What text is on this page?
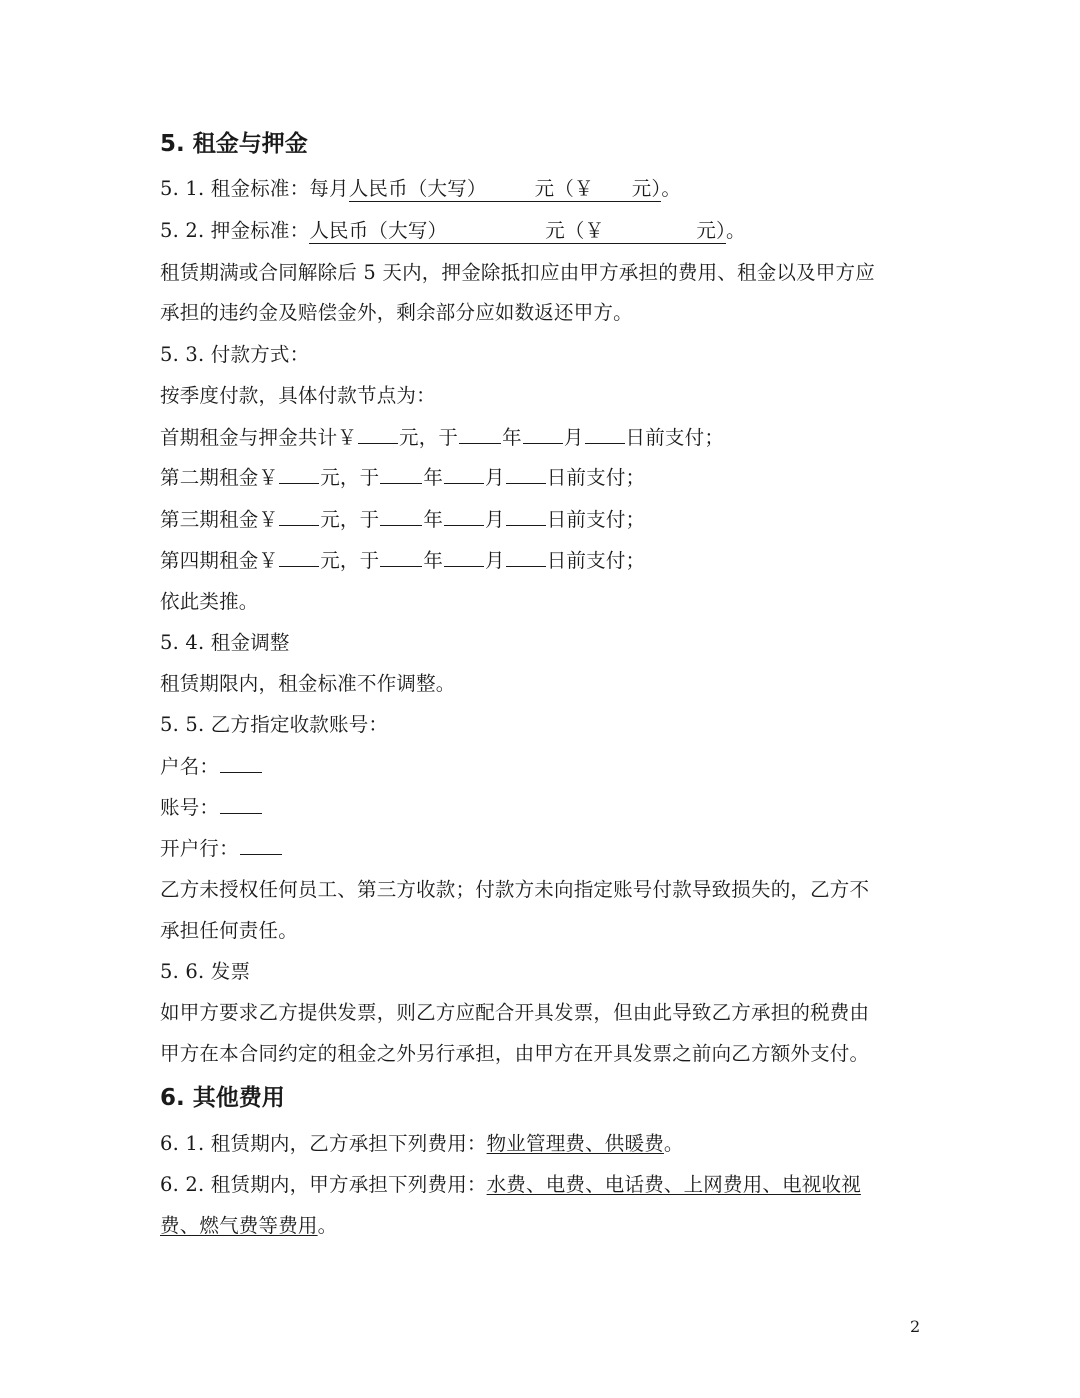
5. 租金与押金
5. 1. 租金标准：每月人民币（大写） 元（￥ 元）。
5. 2. 押金标准：人民币（大写）	元（￥	元）。
租赁期满或合同解除后 5 天内，押金除抵扣应由甲方承担的费用、租金以及甲方应
承担的违约金及赔偿金外，剩余部分应如数返还甲方。
5. 3. 付款方式：
按季度付款，具体付款节点为：
首期租金与押金共计￥ 元，于 年 月 日前支付；
第二期租金￥ 元，于 年 月 日前支付；
第三期租金￥ 元，于 年 月 日前支付；
第四期租金￥ 元，于 年 月 日前支付；
依此类推。
5. 4. 租金调整
租赁期限内，租金标准不作调整。
5. 5. 乙方指定收款账号：
户名：
账号：
开户行：
乙方未授权任何员工、第三方收款；付款方未向指定账号付款导致损失的，乙方不
承担任何责任。
5. 6. 发票
如甲方要求乙方提供发票，则乙方应配合开具发票，但由此导致乙方承担的税费由
甲方在本合同约定的租金之外另行承担，由甲方在开具发票之前向乙方额外支付。
6. 其他费用
6. 1. 租赁期内，乙方承担下列费用：物业管理费、供暖费。
6. 2. 租赁期内，甲方承担下列费用：水费、电费、电话费、上网费用、电视收视
费、燃气费等费用。
2
